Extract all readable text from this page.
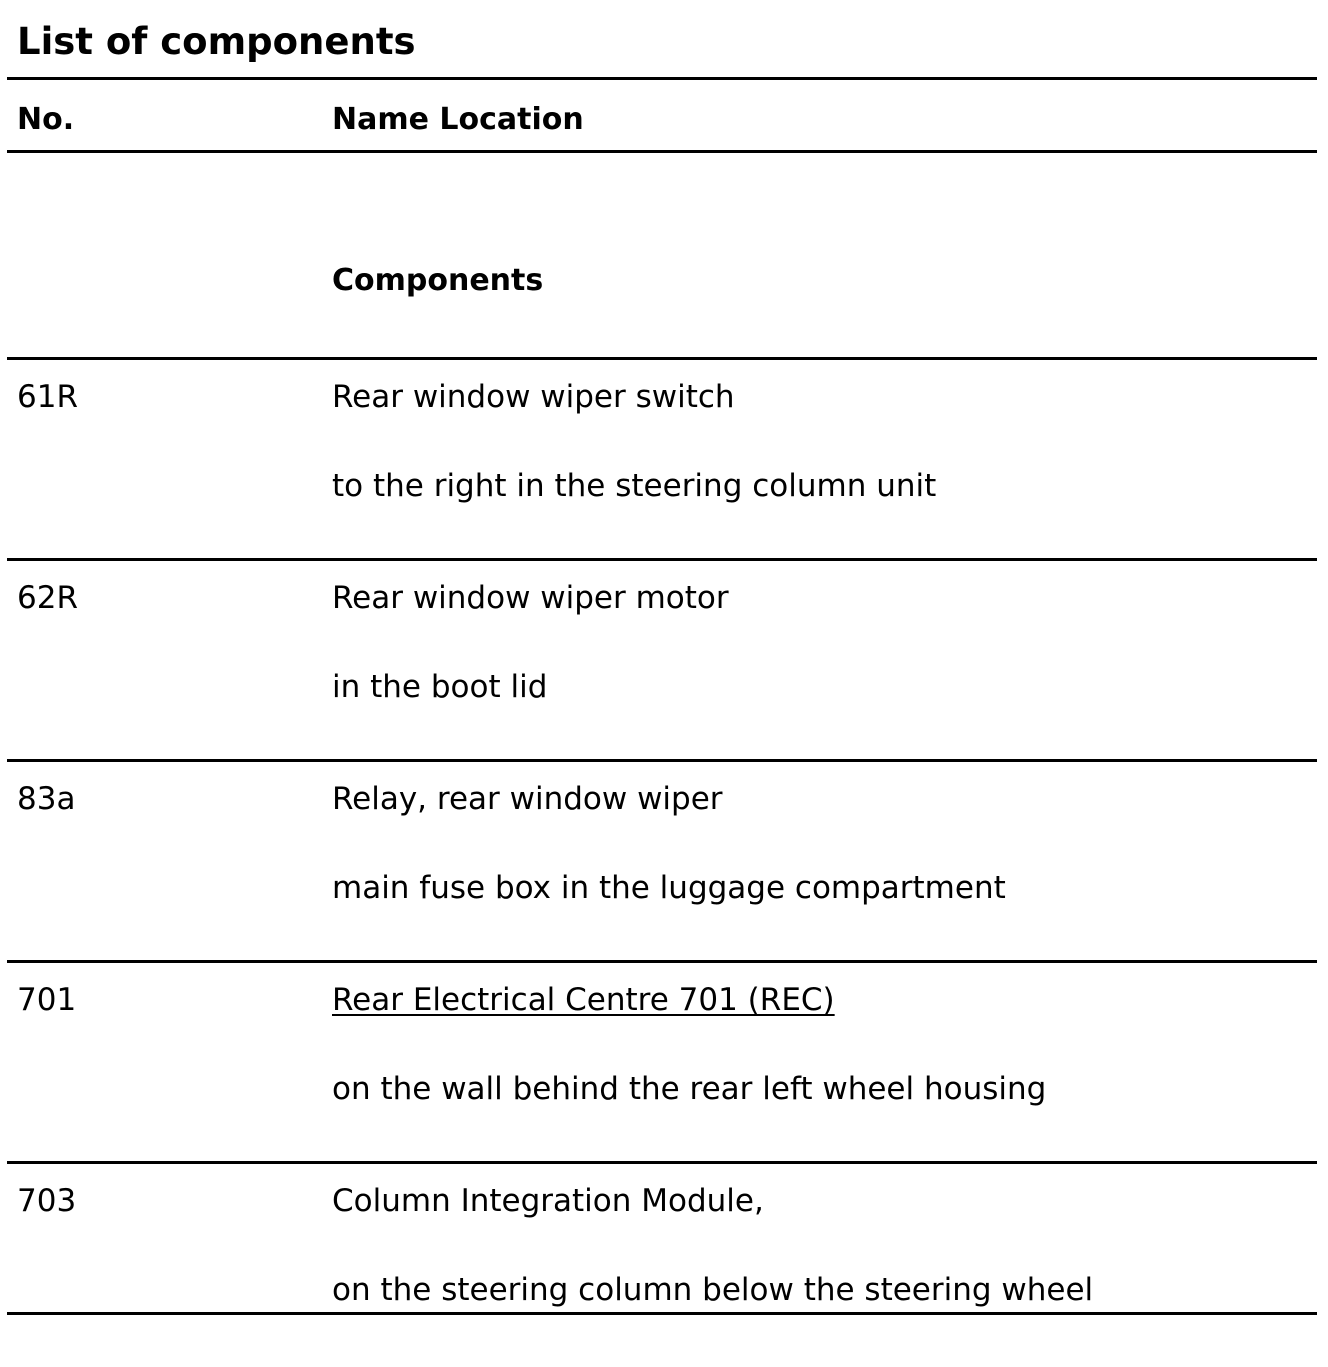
List of components
No.	Name Location
Components
61R	Rear window wiper switch
to the right in the steering column unit
62R	Rear window wiper motor
in the boot lid
83a	Relay, rear window wiper
main fuse box in the luggage compartment
701	Rear Electrical Centre 701 (REC)
on the wall behind the rear left wheel housing
703	Column Integration Module,
on the steering column below the steering wheel
